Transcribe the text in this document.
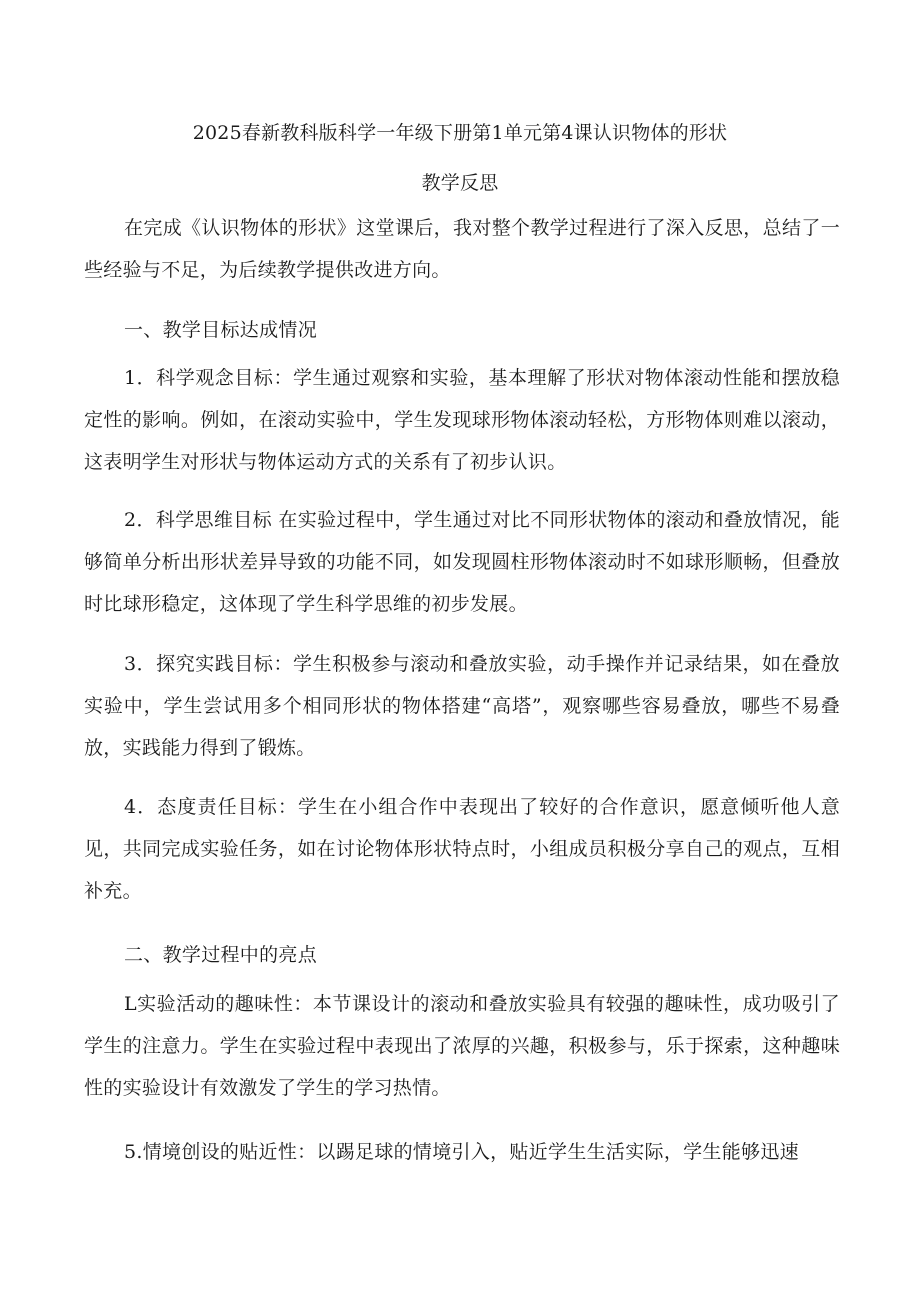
2025春新教科版科学一年级下册第1单元第4课认识物体的形状
教学反思

在完成《认识物体的形状》这堂课后，我对整个教学过程进行了深入反思，总结了一些经验与不足，为后续教学提供改进方向。

一、教学目标达成情况

1．科学观念目标：学生通过观察和实验，基本理解了形状对物体滚动性能和摆放稳定性的影响。例如，在滚动实验中，学生发现球形物体滚动轻松，方形物体则难以滚动，这表明学生对形状与物体运动方式的关系有了初步认识。

2．科学思维目标 在实验过程中，学生通过对比不同形状物体的滚动和叠放情况，能够简单分析出形状差异导致的功能不同，如发现圆柱形物体滚动时不如球形顺畅，但叠放时比球形稳定，这体现了学生科学思维的初步发展。

3．探究实践目标：学生积极参与滚动和叠放实验，动手操作并记录结果，如在叠放实验中，学生尝试用多个相同形状的物体搭建“高塔”，观察哪些容易叠放，哪些不易叠放，实践能力得到了锻炼。

4．态度责任目标：学生在小组合作中表现出了较好的合作意识，愿意倾听他人意见，共同完成实验任务，如在讨论物体形状特点时，小组成员积极分享自己的观点，互相补充。

二、教学过程中的亮点

L实验活动的趣味性：本节课设计的滚动和叠放实验具有较强的趣味性，成功吸引了学生的注意力。学生在实验过程中表现出了浓厚的兴趣，积极参与，乐于探索，这种趣味性的实验设计有效激发了学生的学习热情。

5.情境创设的贴近性：以踢足球的情境引入，贴近学生生活实际，学生能够迅速
